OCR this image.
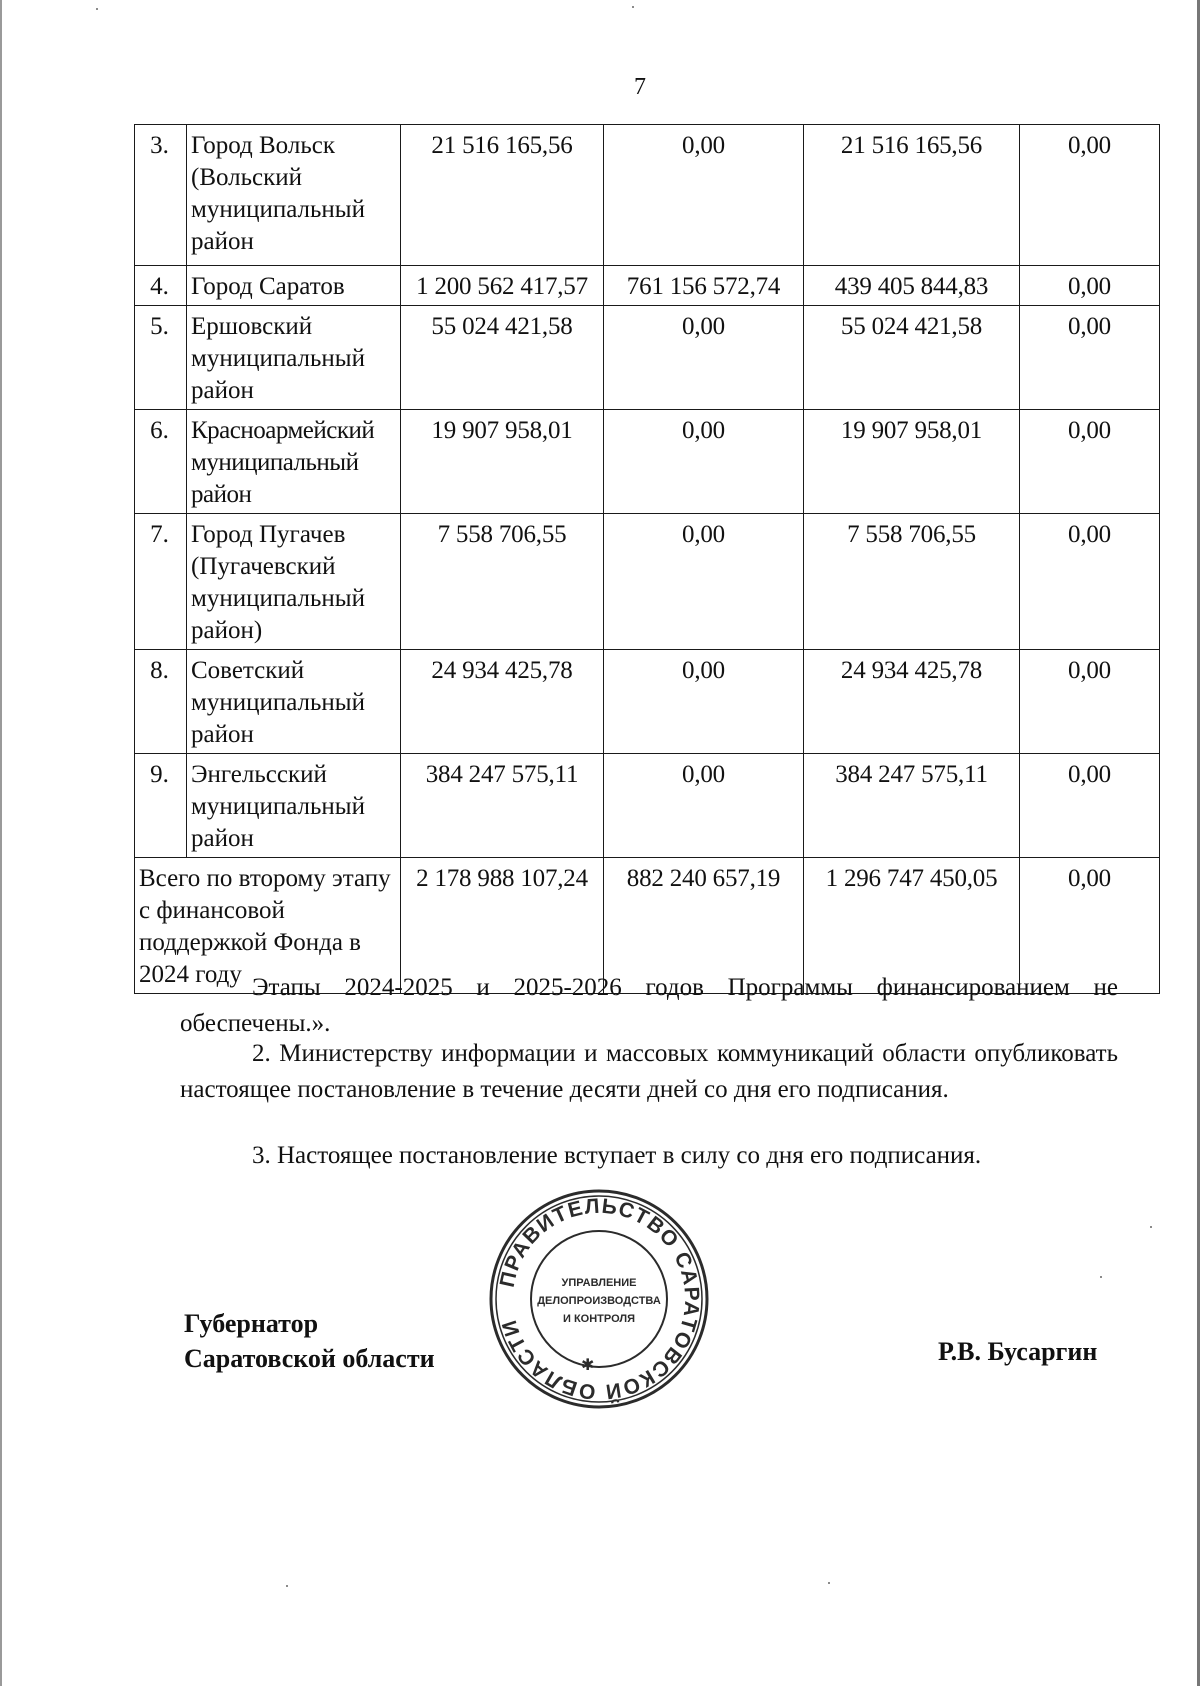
7
3.	Город Вольск (Вольский муниципальный район	21 516 165,56	0,00	21 516 165,56	0,00
4.	Город Саратов	1 200 562 417,57	761 156 572,74	439 405 844,83	0,00
5.	Ершовский муниципальный район	55 024 421,58	0,00	55 024 421,58	0,00
6.	Красноармейский муниципальный район	19 907 958,01	0,00	19 907 958,01	0,00
7.	Город Пугачев (Пугачевский муниципальный район)	7 558 706,55	0,00	7 558 706,55	0,00
8.	Советский муниципальный район	24 934 425,78	0,00	24 934 425,78	0,00
9.	Энгельсский муниципальный район	384 247 575,11	0,00	384 247 575,11	0,00
Всего по второму этапу с финансовой поддержкой Фонда в 2024 году		2 178 988 107,24	882 240 657,19	1 296 747 450,05	0,00

Этапы 2024-2025 и 2025-2026 годов Программы финансированием не обеспечены.».

2. Министерству информации и массовых коммуникаций области опубликовать настоящее постановление в течение десяти дней со дня его подписания.

3. Настоящее постановление вступает в силу со дня его подписания.

ПРАВИТЕЛЬСТВО САРАТОВСКОЙ ОБЛАСТИ
✱
УПРАВЛЕНИЕ
ДЕЛОПРОИЗВОДСТВА
И КОНТРОЛЯ
Губернатор
Саратовской области	Р.В. Бусаргин
